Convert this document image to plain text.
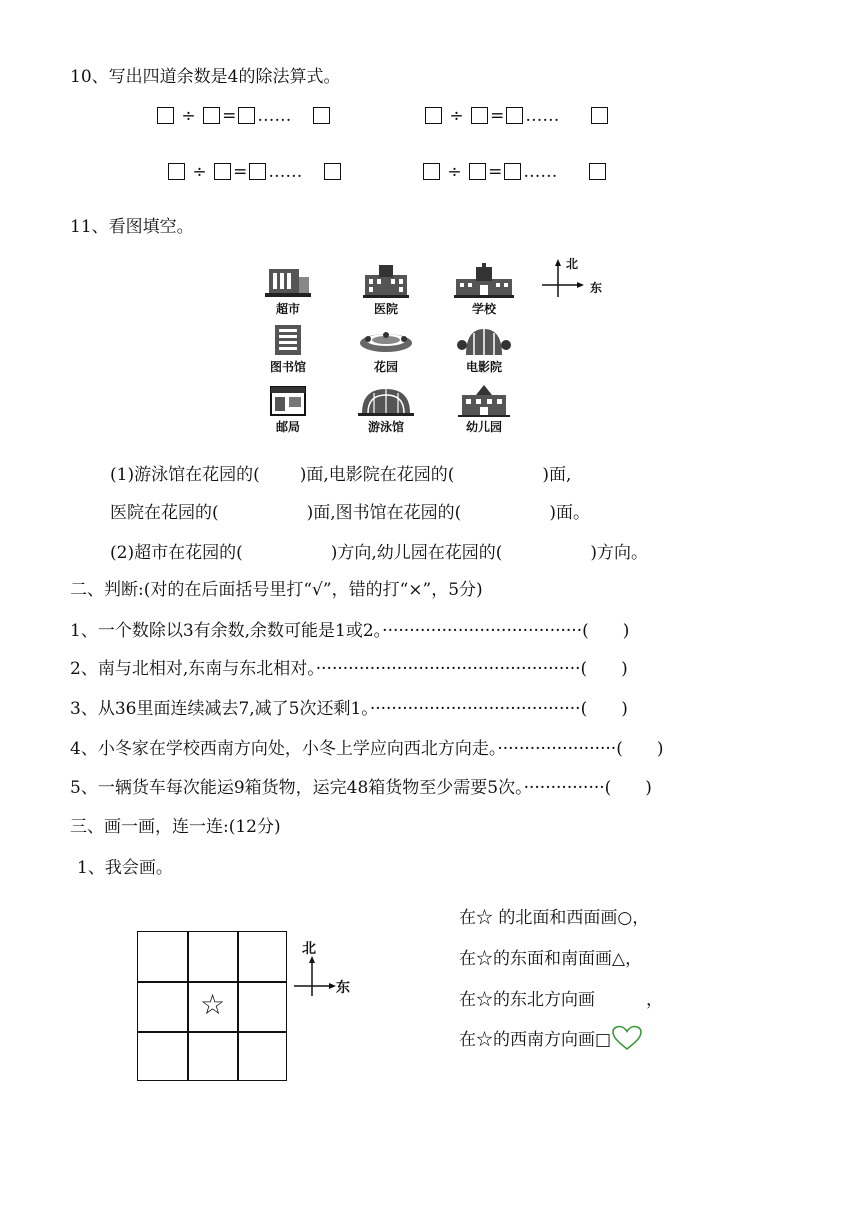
10、写出四道余数是4的除法算式。
÷ = ……	÷ = ……
÷ = ……	÷ = ……
11、看图填空。
超市	医院	学校
北
东
图书馆	花园	电影院
邮局	游泳馆	幼儿园
(1)游泳馆在花园的( )面,电影院在花园的(	)面,
医院在花园的(	)面,图书馆在花园的(	)面。
(2)超市在花园的(	)方向,幼儿园在花园的(	)方向。
二、判断:(对的在后面括号里打“√”，错的打“×”，5分)
1、一个数除以3有余数,余数可能是1或2。·····································(　　)
2、南与北相对,东南与东北相对。·················································(　　)
3、从36里面连续减去7,减了5次还剩1。·······································(　　)
4、小冬家在学校西南方向处，小冬上学应向西北方向走。······················(　　)
5、一辆货车每次能运9箱货物，运完48箱货物至少需要5次。···············(　　)
三、画一画，连一连:(12分)
1、我会画。
☆
北
东
在☆ 的北面和西面画○，
在☆的东面和南面画△，
在☆的东北方向画　　　，
在☆的西南方向画□
